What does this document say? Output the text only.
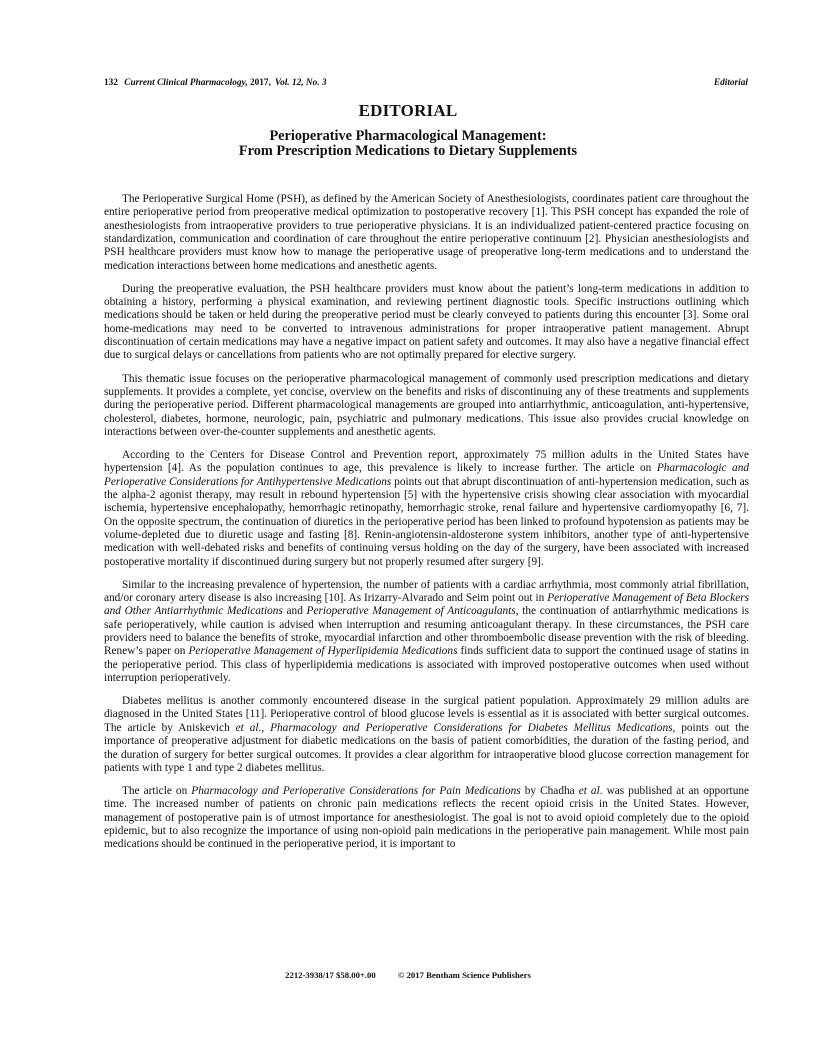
132 Current Clinical Pharmacology, 2017, Vol. 12, No. 3	Editorial
EDITORIAL
Perioperative Pharmacological Management:
From Prescription Medications to Dietary Supplements

The Perioperative Surgical Home (PSH), as defined by the American Society of Anesthesiologists, coordinates patient care throughout the entire perioperative period from preoperative medical optimization to postoperative recovery [1]. This PSH concept has expanded the role of anesthesiologists from intraoperative providers to true perioperative physicians. It is an individualized patient-centered practice focusing on standardization, communication and coordination of care throughout the entire perioperative continuum [2]. Physician anesthesiologists and PSH healthcare providers must know how to manage the perioperative usage of preoperative long-term medications and to understand the medication interactions between home medications and anesthetic agents.

During the preoperative evaluation, the PSH healthcare providers must know about the patient’s long-term medications in addition to obtaining a history, performing a physical examination, and reviewing pertinent diagnostic tools. Specific instructions outlining which medications should be taken or held during the preoperative period must be clearly conveyed to patients during this encounter [3]. Some oral home-medications may need to be converted to intravenous administrations for proper intraoperative patient management. Abrupt discontinuation of certain medications may have a negative impact on patient safety and outcomes. It may also have a negative financial effect due to surgical delays or cancellations from patients who are not optimally prepared for elective surgery.

This thematic issue focuses on the perioperative pharmacological management of commonly used prescription medications and dietary supplements. It provides a complete, yet concise, overview on the benefits and risks of discontinuing any of these treatments and supplements during the perioperative period. Different pharmacological managements are grouped into antiarrhythmic, anticoagulation, anti-hypertensive, cholesterol, diabetes, hormone, neurologic, pain, psychiatric and pulmonary medications. This issue also provides crucial knowledge on interactions between over-the-counter supplements and anesthetic agents.

According to the Centers for Disease Control and Prevention report, approximately 75 million adults in the United States have hypertension [4]. As the population continues to age, this prevalence is likely to increase further. The article on Pharmacologic and Perioperative Considerations for Antihypertensive Medications points out that abrupt discontinuation of anti-hypertension medication, such as the alpha-2 agonist therapy, may result in rebound hypertension [5] with the hypertensive crisis showing clear association with myocardial ischemia, hypertensive encephalopathy, hemorrhagic retinopathy, hemorrhagic stroke, renal failure and hypertensive cardiomyopathy [6, 7]. On the opposite spectrum, the continuation of diuretics in the perioperative period has been linked to profound hypotension as patients may be volume-depleted due to diuretic usage and fasting [8]. Renin-angiotensin-aldosterone system inhibitors, another type of anti-hypertensive medication with well-debated risks and benefits of continuing versus holding on the day of the surgery, have been associated with increased postoperative mortality if discontinued during surgery but not properly resumed after surgery [9].

Similar to the increasing prevalence of hypertension, the number of patients with a cardiac arrhythmia, most commonly atrial fibrillation, and/or coronary artery disease is also increasing [10]. As Irizarry-Alvarado and Seim point out in Perioperative Management of Beta Blockers and Other Antiarrhythmic Medications and Perioperative Management of Anticoagulants, the continuation of antiarrhythmic medications is safe perioperatively, while caution is advised when interruption and resuming anticoagulant therapy. In these circumstances, the PSH care providers need to balance the benefits of stroke, myocardial infarction and other thromboembolic disease prevention with the risk of bleeding. Renew’s paper on Perioperative Management of Hyperlipidemia Medications finds sufficient data to support the continued usage of statins in the perioperative period. This class of hyperlipidemia medications is associated with improved postoperative outcomes when used without interruption perioperatively.

Diabetes mellitus is another commonly encountered disease in the surgical patient population. Approximately 29 million adults are diagnosed in the United States [11]. Perioperative control of blood glucose levels is essential as it is associated with better surgical outcomes. The article by Aniskevich et al., Pharmacology and Perioperative Considerations for Diabetes Mellitus Medications, points out the importance of preoperative adjustment for diabetic medications on the basis of patient comorbidities, the duration of the fasting period, and the duration of surgery for better surgical outcomes. It provides a clear algorithm for intraoperative blood glucose correction management for patients with type 1 and type 2 diabetes mellitus.

The article on Pharmacology and Perioperative Considerations for Pain Medications by Chadha et al. was published at an opportune time. The increased number of patients on chronic pain medications reflects the recent opioid crisis in the United States. However, management of postoperative pain is of utmost importance for anesthesiologist. The goal is not to avoid opioid completely due to the opioid epidemic, but to also recognize the importance of using non-opioid pain medications in the perioperative pain management. While most pain medications should be continued in the perioperative period, it is important to

2212-3938/17 $58.00+.00	© 2017 Bentham Science Publishers
